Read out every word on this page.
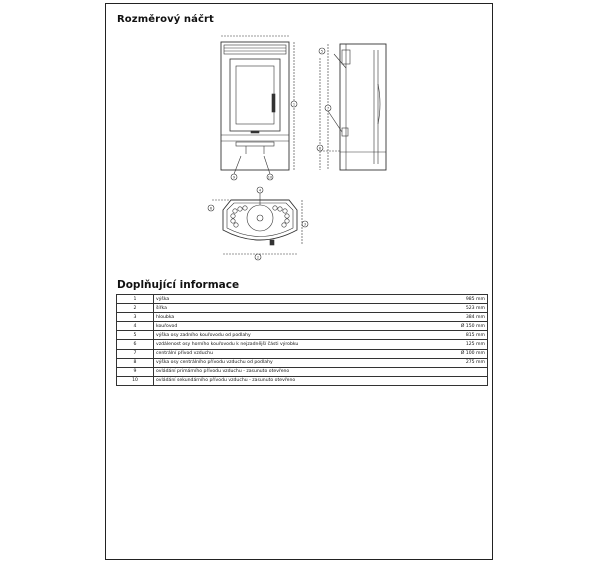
Rozměrový náčrt
1
9	10
5
7
8
4
6
3
2
Doplňující informace
1	výška	985 mm
2	šířka	523 mm
3	hloubka	384 mm
4	kouřovod	Ø 150 mm
5	výška osy zadního kouřovodu od podlahy	815 mm
6	vzdálenost osy horního kouřovodu k nejzadnější části výrobku	125 mm
7	centrální přívod vzduchu	Ø 100 mm
8	výška osy centrálního přívodu vzduchu od podlahy	275 mm
9	ovládání primárního přívodu vzduchu - zasunuto otevřeno	
10	ovládání sekundárního přívodu vzduchu - zasunuto otevřeno	
